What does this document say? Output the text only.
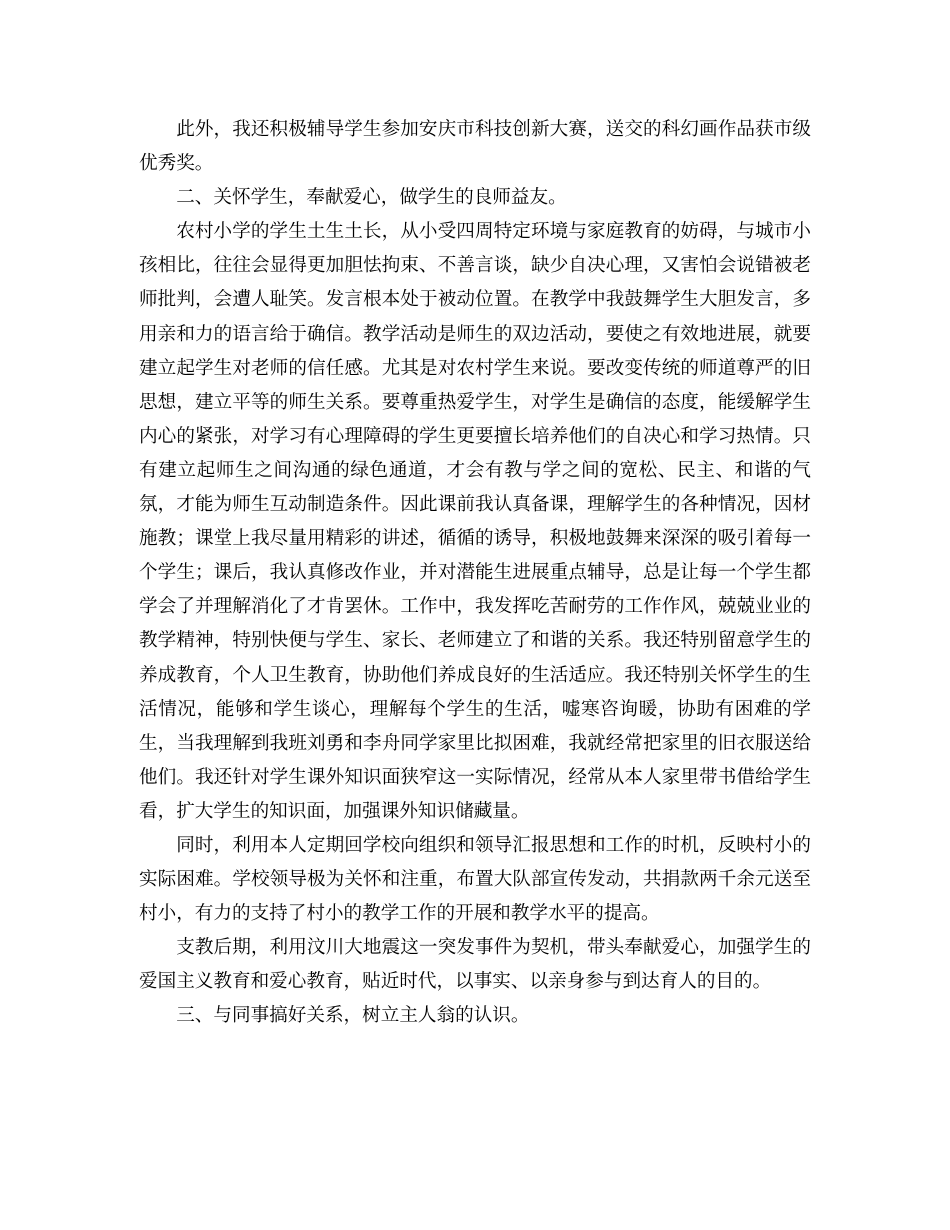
此外，我还积极辅导学生参加安庆市科技创新大赛，送交的科幻画作品获市级优秀奖。

二、关怀学生，奉献爱心，做学生的良师益友。

农村小学的学生土生土长，从小受四周特定环境与家庭教育的妨碍，与城市小孩相比，往往会显得更加胆怯拘束、不善言谈，缺少自决心理，又害怕会说错被老师批判，会遭人耻笑。发言根本处于被动位置。在教学中我鼓舞学生大胆发言，多用亲和力的语言给于确信。教学活动是师生的双边活动，要使之有效地进展，就要建立起学生对老师的信任感。尤其是对农村学生来说。要改变传统的师道尊严的旧思想，建立平等的师生关系。要尊重热爱学生，对学生是确信的态度，能缓解学生内心的紧张，对学习有心理障碍的学生更要擅长培养他们的自决心和学习热情。只有建立起师生之间沟通的绿色通道，才会有教与学之间的宽松、民主、和谐的气氛，才能为师生互动制造条件。因此课前我认真备课，理解学生的各种情况，因材施教；课堂上我尽量用精彩的讲述，循循的诱导，积极地鼓舞来深深的吸引着每一个学生；课后，我认真修改作业，并对潜能生进展重点辅导，总是让每一个学生都学会了并理解消化了才肯罢休。工作中，我发挥吃苦耐劳的工作作风，兢兢业业的教学精神，特别快便与学生、家长、老师建立了和谐的关系。我还特别留意学生的养成教育，个人卫生教育，协助他们养成良好的生活适应。我还特别关怀学生的生活情况，能够和学生谈心，理解每个学生的生活，嘘寒咨询暖，协助有困难的学生，当我理解到我班刘勇和李舟同学家里比拟困难，我就经常把家里的旧衣服送给他们。我还针对学生课外知识面狭窄这一实际情况，经常从本人家里带书借给学生看，扩大学生的知识面，加强课外知识储藏量。

同时，利用本人定期回学校向组织和领导汇报思想和工作的时机，反映村小的实际困难。学校领导极为关怀和注重，布置大队部宣传发动，共捐款两千余元送至村小，有力的支持了村小的教学工作的开展和教学水平的提高。

支教后期，利用汶川大地震这一突发事件为契机，带头奉献爱心，加强学生的爱国主义教育和爱心教育，贴近时代，以事实、以亲身参与到达育人的目的。

三、与同事搞好关系，树立主人翁的认识。
